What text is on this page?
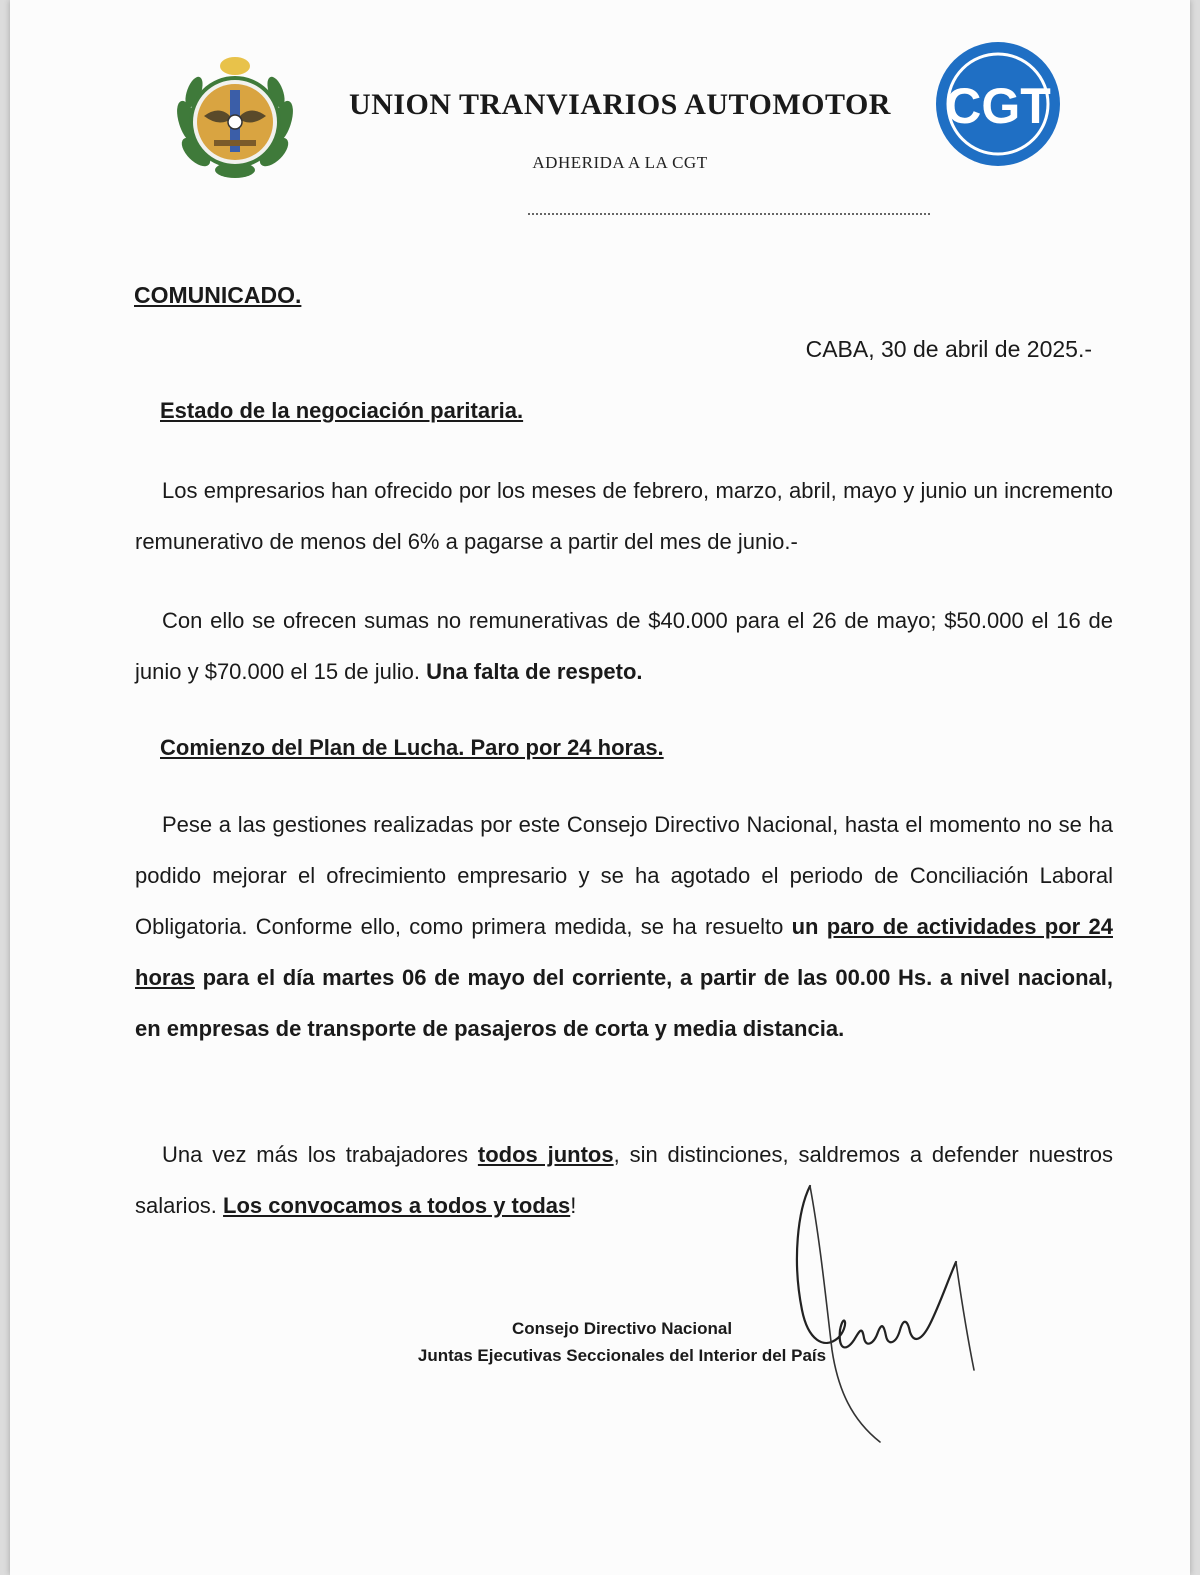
UNION TRANVIARIOS AUTOMOTOR
ADHERIDA A LA CGT
CGT
COMUNICADO.
CABA, 30 de abril de 2025.-
Estado de la negociación paritaria.
Los empresarios han ofrecido por los meses de febrero, marzo, abril, mayo y junio un incremento remunerativo de menos del 6% a pagarse a partir del mes de junio.-
Con ello se ofrecen sumas no remunerativas de $40.000 para el 26 de mayo; $50.000 el 16 de junio y $70.000 el 15 de julio. Una falta de respeto.
Comienzo del Plan de Lucha. Paro por 24 horas.
Pese a las gestiones realizadas por este Consejo Directivo Nacional, hasta el momento no se ha podido mejorar el ofrecimiento empresario y se ha agotado el periodo de Conciliación Laboral Obligatoria. Conforme ello, como primera medida, se ha resuelto un paro de actividades por 24 horas para el día martes 06 de mayo del corriente, a partir de las 00.00 Hs. a nivel nacional, en empresas de transporte de pasajeros de corta y media distancia.
Una vez más los trabajadores todos juntos, sin distinciones, saldremos a defender nuestros salarios. Los convocamos a todos y todas!
Consejo Directivo Nacional
Juntas Ejecutivas Seccionales del Interior del País
